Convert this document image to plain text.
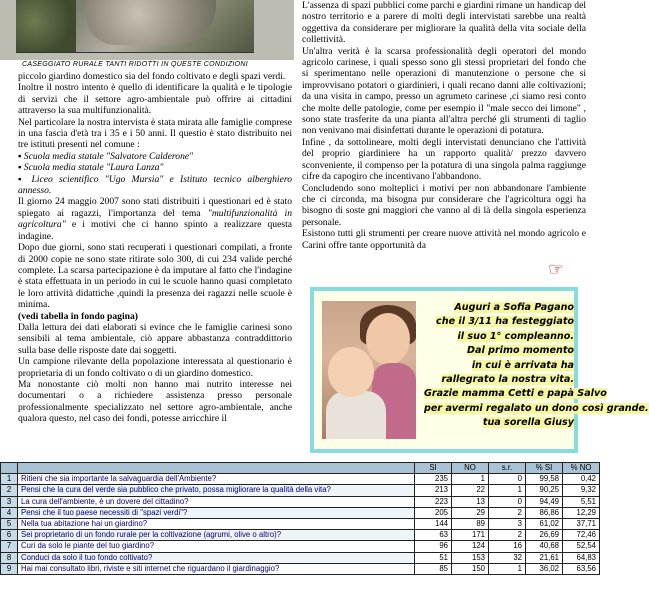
CASEGGIATO RURALE TANTI RIDOTTI IN QUESTE CONDIZIONI

piccolo giardino domestico sia del fondo coltivato e degli spazi verdi.

Inoltre il nostro intento è quello di identificare la qualità e le tipologie di servizi che il settore agro-ambientale può offrire ai cittadini attraverso la sua multifunzionalità.

Nel particolare la nostra intervista è stata mirata alle famiglie comprese in una fascia d'età tra i 35 e i 50 anni. Il questio è stato distribuito nei tre istituti presenti nel comune :

▪ Scuola media statale "Salvatore Calderone"
▪ Scuola media statale "Laura Lanza"
▪ Liceo scientifico "Ugo Mursia" e Istituto tecnico alberghiero annesso.

Il giorno 24 maggio 2007 sono stati distribuiti i questionari ed è stato spiegato ai ragazzi, l'importanza del tema "multifunzionalità in agricoltura" e i motivi che ci hanno spinto a realizzare questa indagine.

Dopo due giorni, sono stati recuperati i questionari compilati, a fronte di 2000 copie ne sono state ritirate solo 300, di cui 234 valide perché complete. La scarsa partecipazione è da imputare al fatto che l'indagine è stata effettuata in un periodo in cui le scuole hanno quasi completato le loro attività didattiche ,quindi la presenza dei ragazzi nelle scuole è minima.

(vedi tabella in fondo pagina)

Dalla lettura dei dati elaborati si evince che le famiglie carinesi sono sensibili al tema ambientale, ciò appare abbastanza contraddittorio sulla base delle risposte date dai soggetti.

Un campione rilevante della popolazione interessata al questionario è proprietaria di un fondo coltivato o di un giardino domestico.

Ma nonostante ciò molti non hanno mai nutrito interesse nei documentari o a richiedere assistenza presso personale professionalmente specializzato nel settore agro-ambientale, anche qualora questo, nel caso dei fondi, potesse arricchire il

L'assenza di spazi pubblici come parchi e giardini rimane un handicap del nostro territorio e a parere di molti degli intervistati sarebbe una realtà oggettiva da considerare per migliorare la qualità della vita sociale della collettività.

Un'altra verità è la scarsa professionalità degli operatori del mondo agricolo carinese, i quali spesso sono gli stessi proprietari del fondo che si sperimentano nelle operazioni di manutenzione o persone che si improvvisano potatori o giardinieri, i quali recano danni alle coltivazioni; da una visita in campo, presso un agrumeto carinese ,ci siamo resi conto che molte delle patologie, come per esempio il "male secco dei limone" , sono state trasferite da una pianta all'altra perché gli strumenti di taglio non venivano mai disinfettati durante le operazioni di potatura.

Infine , da sottolineare, molti degli intervistati denunciano che l'attività del proprio giardiniere ha un rapporto qualità/ prezzo davvero sconveniente, il compenso per la potatura di una singola palma raggiunge cifre da capogiro che incentivano l'abbandono.

Concludendo sono molteplici i motivi per non abbandonare l'ambiente che ci circonda, ma bisogna pur considerare che l'agricoltura oggi ha bisogno di soste gni maggiori che vanno al di là della singola esperienza personale.

Esistono tutti gli strumenti per creare nuove attività nel mondo agricolo e Carini offre tante opportunità da

☞
Auguri a Sofia Pagano
che il 3/11 ha festeggiato
il suo 1° compleanno.
Dal primo momento
in cui è arrivata ha
rallegrato la nostra vita.
Grazie mamma Cetti e papà Salvo
per avermi regalato un dono così grande.
tua sorella Giusy
		SI	NO	s.r.	% SI	% NO
1	Ritieni che sia importante la salvaguardia dell'Ambiente?	235	1	0	99,58	0,42
2	Pensi che la cura del verde sia pubblico che privato, possa migliorare la qualità della vita?	213	22	1	90,25	9,32
3	La cura dell'ambiente, è un dovere del cittadino?	223	13	0	94,49	5,51
4	Pensi che il tuo paese necessiti di "spazi verdi"?	205	29	2	86,86	12,29
5	Nella tua abitazione hai un giardino?	144	89	3	61,02	37,71
6	Sei proprietario di un fondo rurale per la coltivazione (agrumi, olive o altro)?	63	171	2	26,69	72,46
7	Curi da solo le piante del tuo giardino?	96	124	16	40,68	52,54
8	Conduci da solo il tuo fondo coltivato?	51	153	32	21,61	64,83
9	Hai mai consultato libri, riviste e siti internet che riguardano il giardinaggio?	85	150	1	36,02	63,56
